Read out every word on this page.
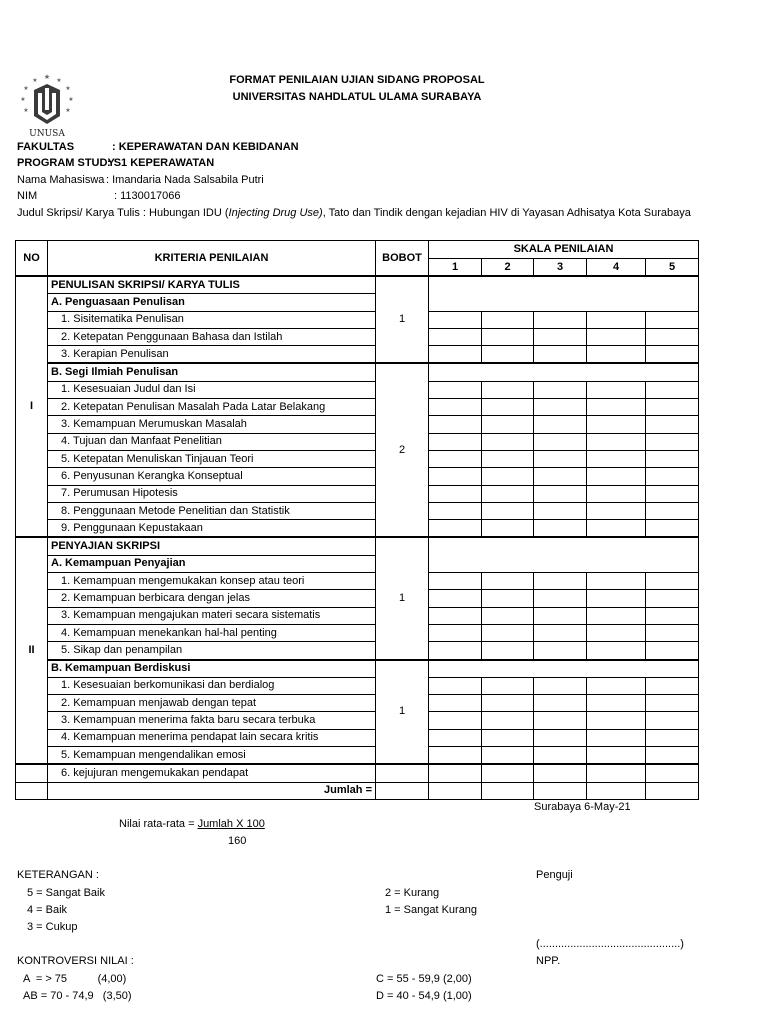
★
★	★
★	★
★	★
★	★
UNUSA
FORMAT PENILAIAN UJIAN SIDANG PROPOSAL
UNIVERSITAS NAHDLATUL ULAMA SURABAYA
FAKULTAS	: KEPERAWATAN DAN KEBIDANAN
PROGRAM STUDY
: S1 KEPERAWATAN
Nama Mahasiswa : Imandaria Nada Salsabila Putri
NIM	: 1130017066
Judul Skripsi/ Karya Tulis : Hubungan IDU (Injecting Drug Use), Tato dan Tindik dengan kejadian HIV di Yayasan Adhisatya Kota Surabaya
NO	KRITERIA PENILAIAN	BOBOT	SKALA PENILAIAN				
			1	2	3	4	5
I	PENULISAN SKRIPSI/ KARYA TULIS	1					
	A. Penguasaan Penulisan						
	1. Sisitematika Penulisan						
	2. Ketepatan Penggunaan Bahasa dan Istilah						
	3. Kerapian Penulisan						
	B. Segi Ilmiah Penulisan	2					
	1. Kesesuaian Judul dan Isi						
	2. Ketepatan Penulisan Masalah Pada Latar Belakang						
	3. Kemampuan Merumuskan Masalah						
	4. Tujuan dan Manfaat Penelitian						
	5. Ketepatan Menuliskan Tinjauan Teori						
	6. Penyusunan Kerangka Konseptual						
	7. Perumusan Hipotesis						
	8. Penggunaan Metode Penelitian dan Statistik						
	9. Penggunaan Kepustakaan						
II	PENYAJIAN SKRIPSI	1					
	A. Kemampuan Penyajian						
	1. Kemampuan mengemukakan konsep atau teori						
	2. Kemampuan berbicara dengan jelas						
	3. Kemampuan mengajukan materi secara sistematis						
	4. Kemampuan menekankan hal-hal penting						
	5. Sikap dan penampilan						
	B. Kemampuan Berdiskusi	1					
	1. Kesesuaian berkomunikasi dan berdialog						
	2. Kemampuan menjawab dengan tepat						
	3. Kemampuan menerima fakta baru secara terbuka						
	4. Kemampuan menerima pendapat lain secara kritis						
	5. Kemampuan mengendalikan emosi						
	6. kejujuran mengemukakan pendapat						
	Jumlah =						
Surabaya 6-May-21
Nilai rata-rata = Jumlah X 100
160
KETERANGAN :
5 = Sangat Baik
4 = Baik
3 = Cukup
2 = Kurang
1 = Sangat Kurang
Penguji
(..............................................)
NPP.
KONTROVERSI NILAI :
A  = > 75          (4,00)
AB = 70 - 74,9   (3,50)
C = 55 - 59,9 (2,00)
D = 40 - 54,9 (1,00)
